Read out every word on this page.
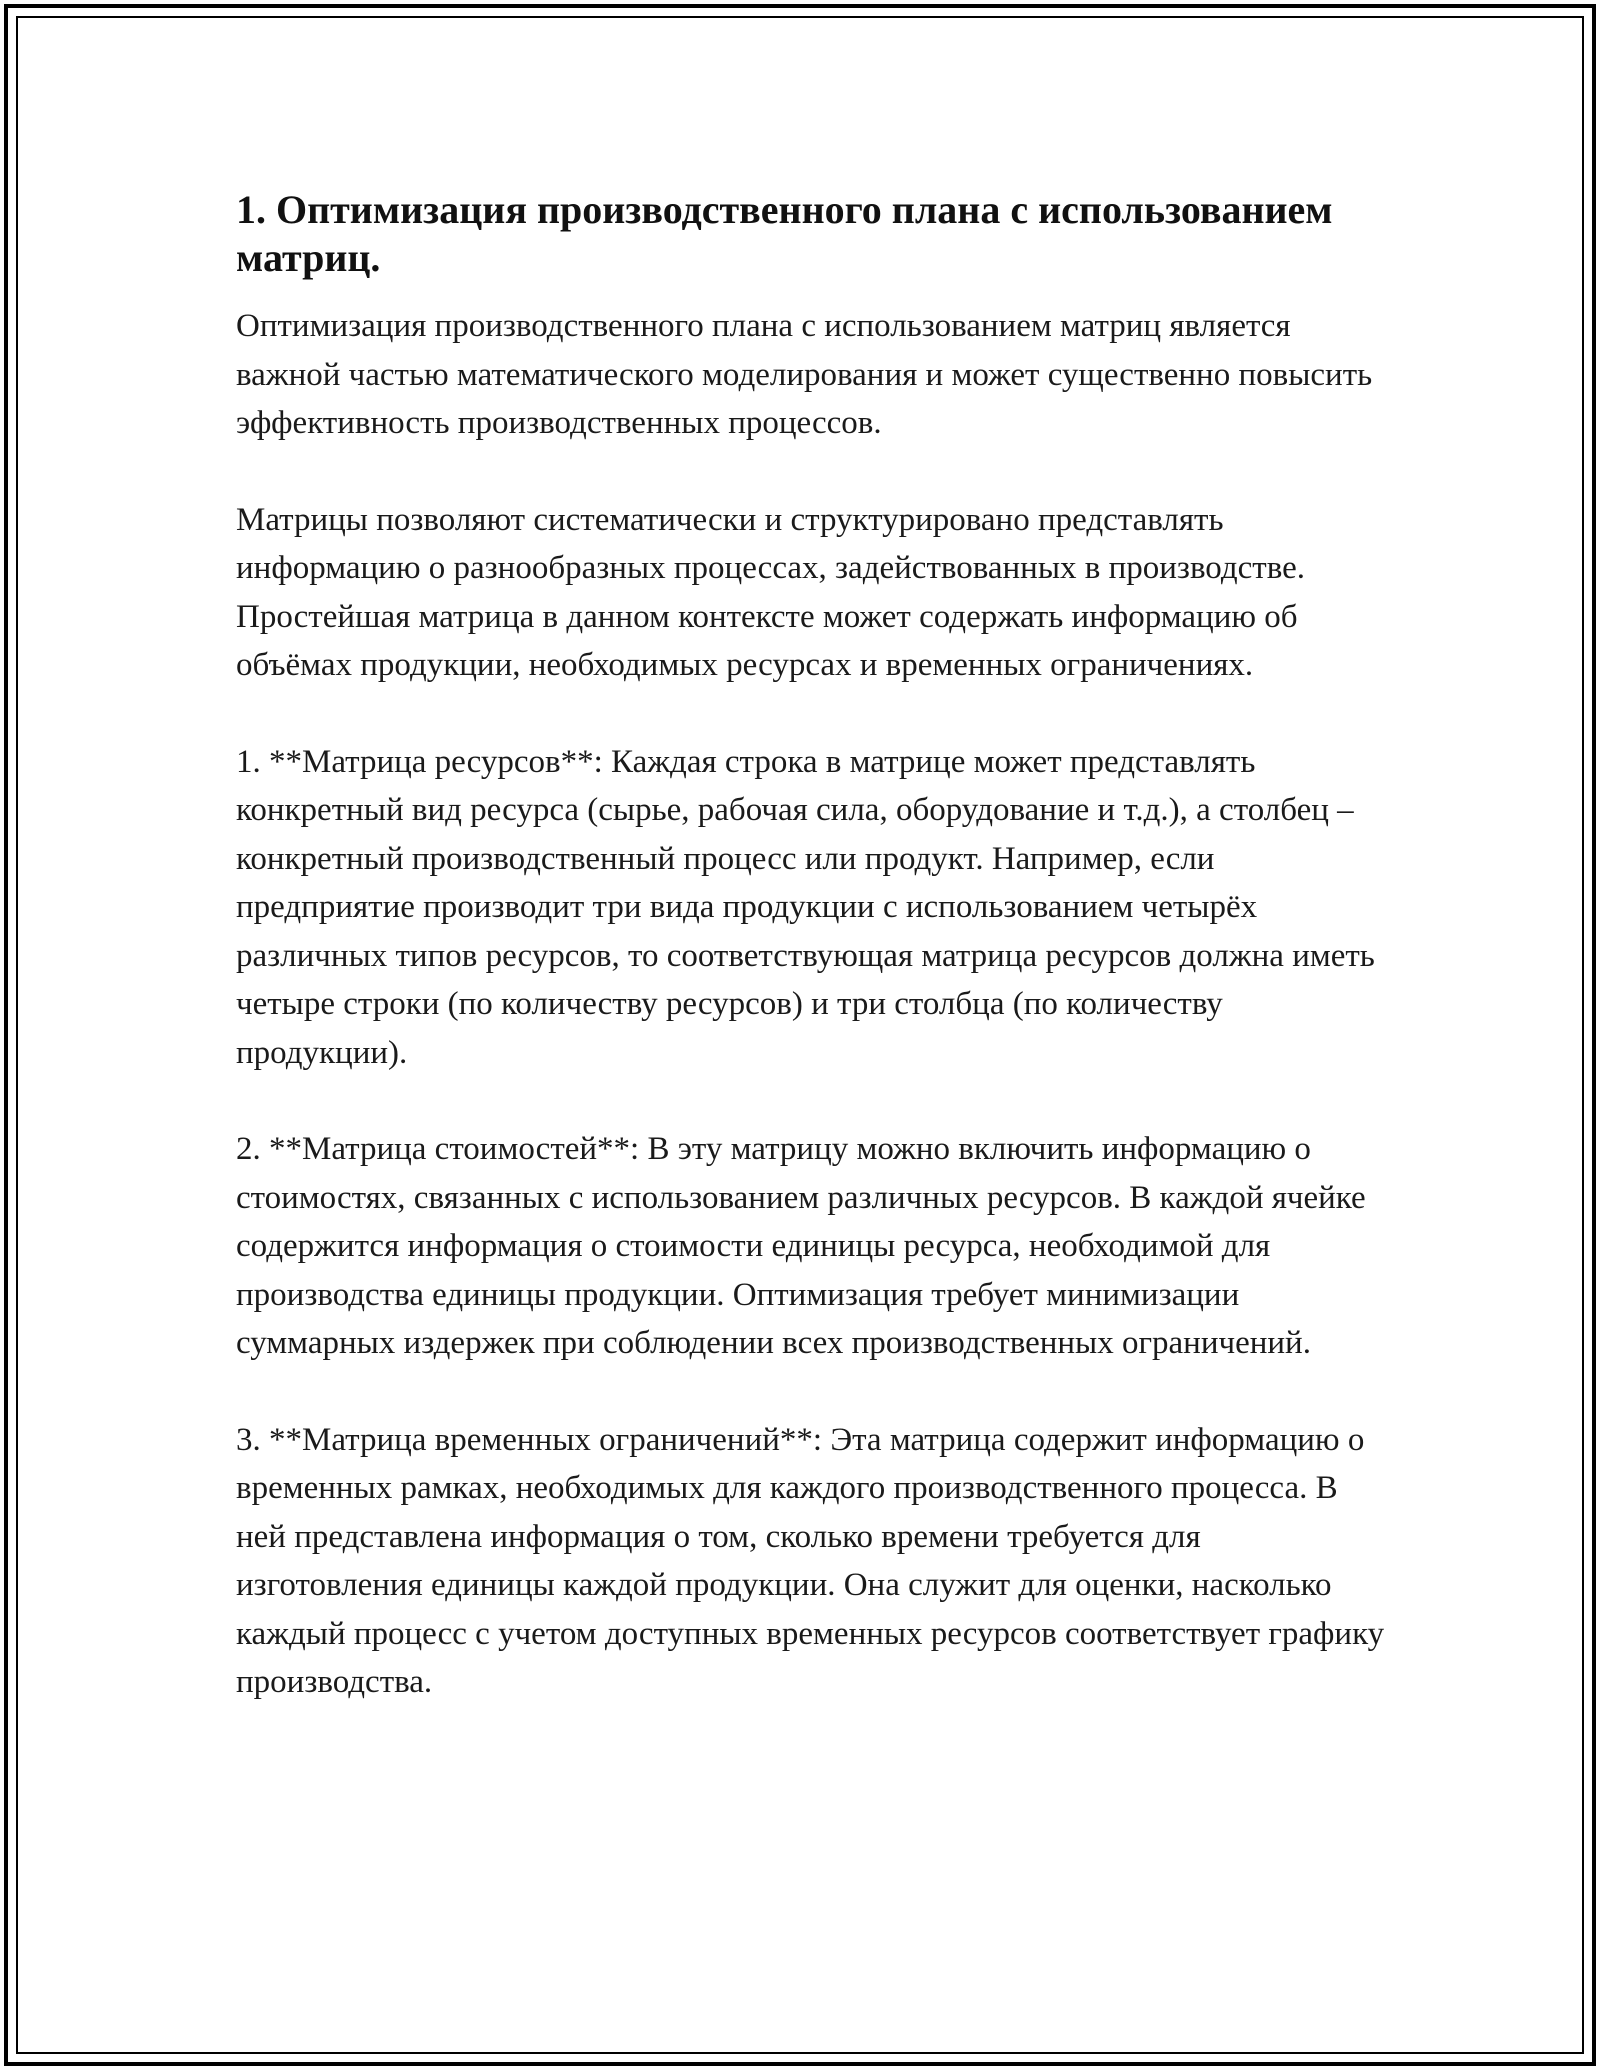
1. Оптимизация производственного плана с использованием матриц.

Оптимизация производственного плана с использованием матриц является важной частью математического моделирования и может существенно повысить эффективность производственных процессов.

Матрицы позволяют систематически и структурировано представлять информацию о разнообразных процессах, задействованных в производстве. Простейшая матрица в данном контексте может содержать информацию об объёмах продукции, необходимых ресурсах и временных ограничениях.

1. **Матрица ресурсов**: Каждая строка в матрице может представлять конкретный вид ресурса (сырье, рабочая сила, оборудование и т.д.), а столбец – конкретный производственный процесс или продукт. Например, если предприятие производит три вида продукции с использованием четырёх различных типов ресурсов, то соответствующая матрица ресурсов должна иметь четыре строки (по количеству ресурсов) и три столбца (по количеству продукции).

2. **Матрица стоимостей**: В эту матрицу можно включить информацию о стоимостях, связанных с использованием различных ресурсов. В каждой ячейке содержится информация о стоимости единицы ресурса, необходимой для производства единицы продукции. Оптимизация требует минимизации суммарных издержек при соблюдении всех производственных ограничений.

3. **Матрица временных ограничений**: Эта матрица содержит информацию о временных рамках, необходимых для каждого производственного процесса. В ней представлена информация о том, сколько времени требуется для изготовления единицы каждой продукции. Она служит для оценки, насколько каждый процесс с учетом доступных временных ресурсов соответствует графику производства.
